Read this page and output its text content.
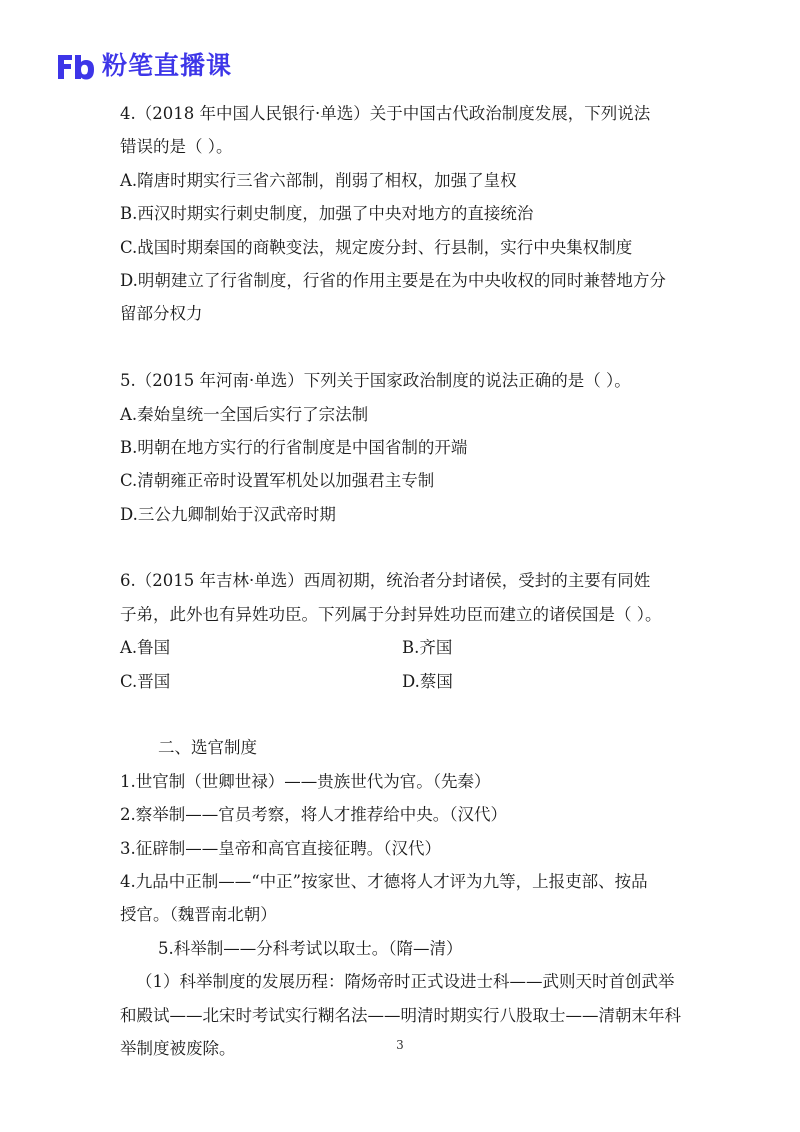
粉笔直播课
4.（2018 年中国人民银行·单选）关于中国古代政治制度发展，下列说法
错误的是（ ）。
A.隋唐时期实行三省六部制，削弱了相权，加强了皇权
B.西汉时期实行刺史制度，加强了中央对地方的直接统治
C.战国时期秦国的商鞅变法，规定废分封、行县制，实行中央集权制度
D.明朝建立了行省制度，行省的作用主要是在为中央收权的同时兼替地方分
留部分权力
5.（2015 年河南·单选）下列关于国家政治制度的说法正确的是（ ）。
A.秦始皇统一全国后实行了宗法制
B.明朝在地方实行的行省制度是中国省制的开端
C.清朝雍正帝时设置军机处以加强君主专制
D.三公九卿制始于汉武帝时期
6.（2015 年吉林·单选）西周初期，统治者分封诸侯，受封的主要有同姓
子弟，此外也有异姓功臣。下列属于分封异姓功臣而建立的诸侯国是（ ）。
A.鲁国	B.齐国
C.晋国	D.蔡国
二、选官制度
1.世官制（世卿世禄）——贵族世代为官。（先秦）
2.察举制——官员考察，将人才推荐给中央。（汉代）
3.征辟制——皇帝和高官直接征聘。（汉代）
4.九品中正制——“中正”按家世、才德将人才评为九等，上报吏部、按品
授官。（魏晋南北朝）
5.科举制——分科考试以取士。（隋—清）
（1）科举制度的发展历程：隋炀帝时正式设进士科——武则天时首创武举
和殿试——北宋时考试实行糊名法——明清时期实行八股取士——清朝末年科
举制度被废除。	3
